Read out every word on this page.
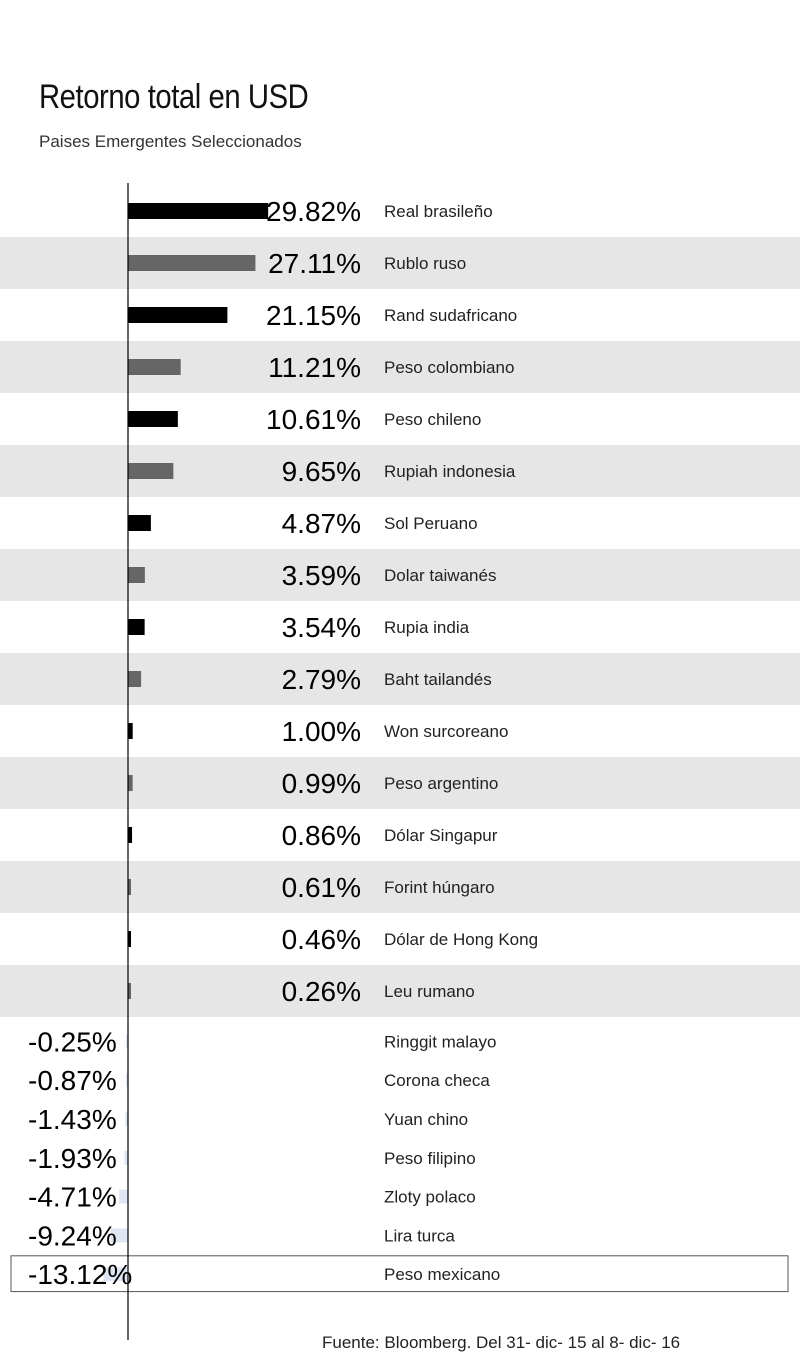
Retorno total en USD
Paises Emergentes Seleccionados
29.82% Real brasileño
27.11% Rublo ruso
21.15% Rand sudafricano
11.21% Peso colombiano
10.61% Peso chileno
9.65% Rupiah indonesia
4.87% Sol Peruano
3.59% Dolar taiwanés
3.54% Rupia india
2.79% Baht tailandés
1.00% Won surcoreano
0.99% Peso argentino
0.86% Dólar Singapur
0.61% Forint húngaro
0.46% Dólar de Hong Kong
0.26% Leu rumano
-0.25%	Ringgit malayo
-0.87%	Corona checa
-1.43%	Yuan chino
-1.93%	Peso filipino
-4.71%	Zloty polaco
-9.24%	Lira turca
-13.12%	Peso mexicano
Fuente: Bloomberg. Del 31- dic- 15 al 8- dic- 16
